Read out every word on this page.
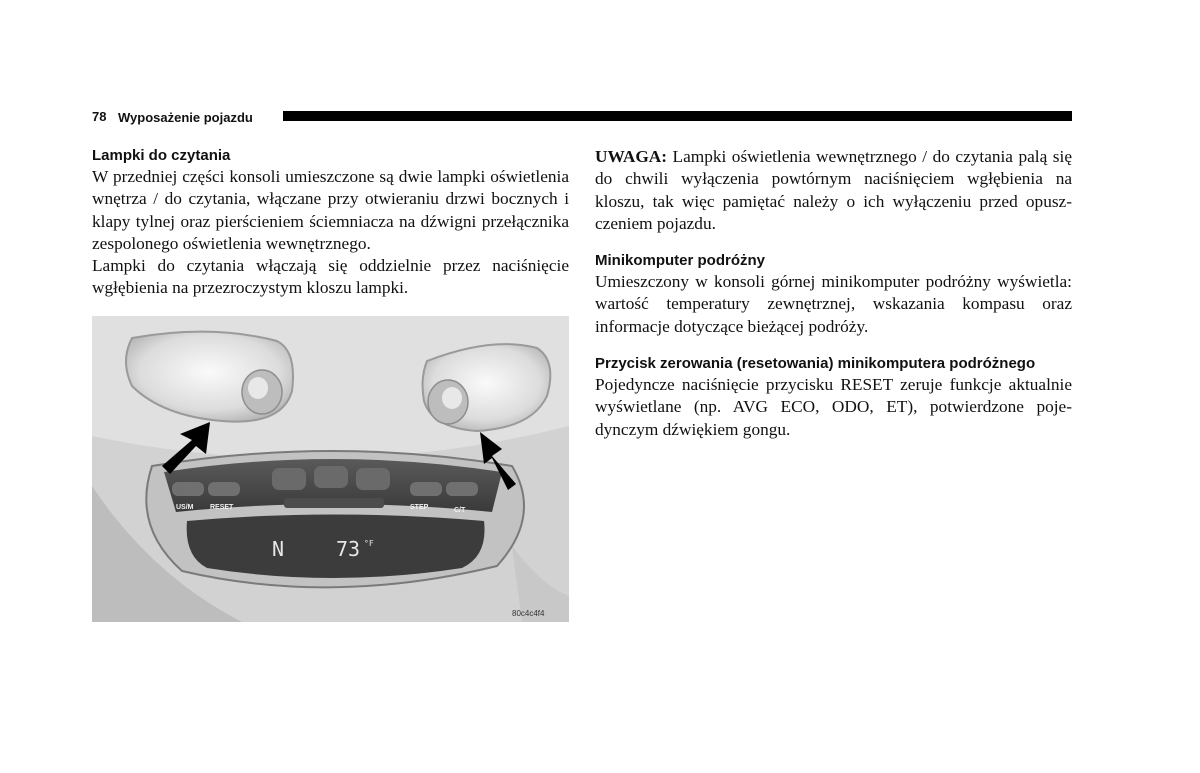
78 Wyposażenie pojazdu
Lampki do czytania

W przedniej części konsoli umieszczone są dwie lampki oświetlenia wnętrza / do czytania, włączane przy otwieraniu drzwi bocznych i klapy tylnej oraz pierścieniem ściemniacza na dźwigni przełącznika zespolonego oświetlenia wewnętrznego.

Lampki do czytania włączają się oddzielnie przez naciśnięcie wgłębienia na przezroczystym kloszu lampki.

US/M RESET	STEP	C/T
N	73 °F
80c4c4f4

UWAGA: Lampki oświetlenia wewnętrznego / do czytania palą się do chwili wyłączenia powtórnym naciśnięciem wgłębienia na kloszu, tak więc pamiętać należy o ich wyłączeniu przed opuszczeniem pojazdu.

Minikomputer podróżny

Umieszczony w konsoli górnej minikomputer podróżny wyświetla: wartość temperatury zewnętrznej, wskazania kompasu oraz informacje dotyczące bieżącej podróży.

Przycisk zerowania (resetowania) minikomputera podróżnego

Pojedyncze naciśnięcie przycisku RESET zeruje funkcje aktualnie wyświetlane (np. AVG ECO, ODO, ET), potwierdzone pojedynczym dźwiękiem gongu.
